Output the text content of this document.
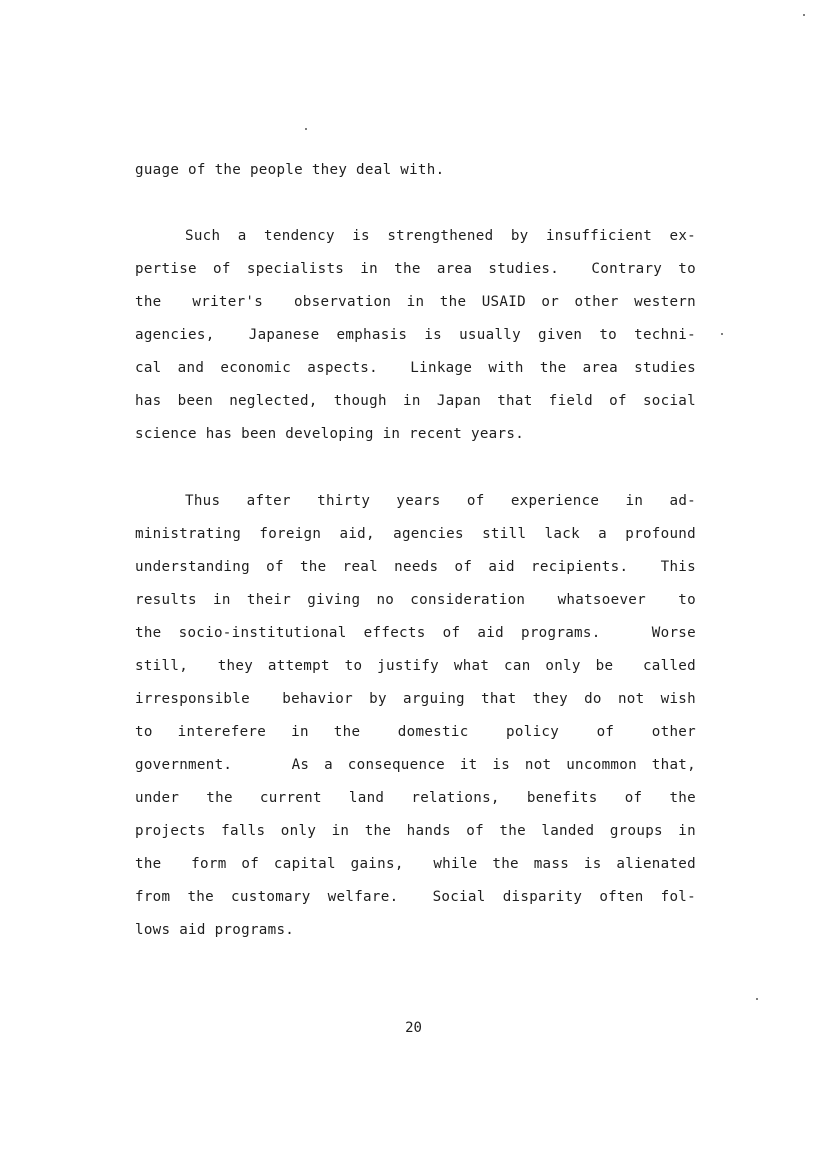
guage of the people they deal with.

Such a tendency is strengthened by insufficient ex-

pertise of specialists in the area studies.  Contrary to

the  writer's  observation in the USAID or other western

agencies,  Japanese emphasis is usually given to techni-

cal and economic aspects.  Linkage with the area studies

has been neglected, though in Japan that field of social

science has been developing in recent years.

Thus  after  thirty  years  of  experience  in  ad-

ministrating foreign aid, agencies still lack a profound

understanding of the real needs of aid recipients.  This

results in their giving no consideration  whatsoever  to

the socio-institutional effects of aid programs.   Worse

still,  they attempt to justify what can only be  called

irresponsible  behavior by arguing that they do not wish

to  interefere  in  the   domestic   policy   of   other

government.    As a consequence it is not uncommon that,

under  the  current  land  relations,  benefits  of  the

projects falls only in the hands of the landed groups in

the  form of capital gains,  while the mass is alienated

from the customary welfare.  Social disparity often fol-

lows aid programs.

20
